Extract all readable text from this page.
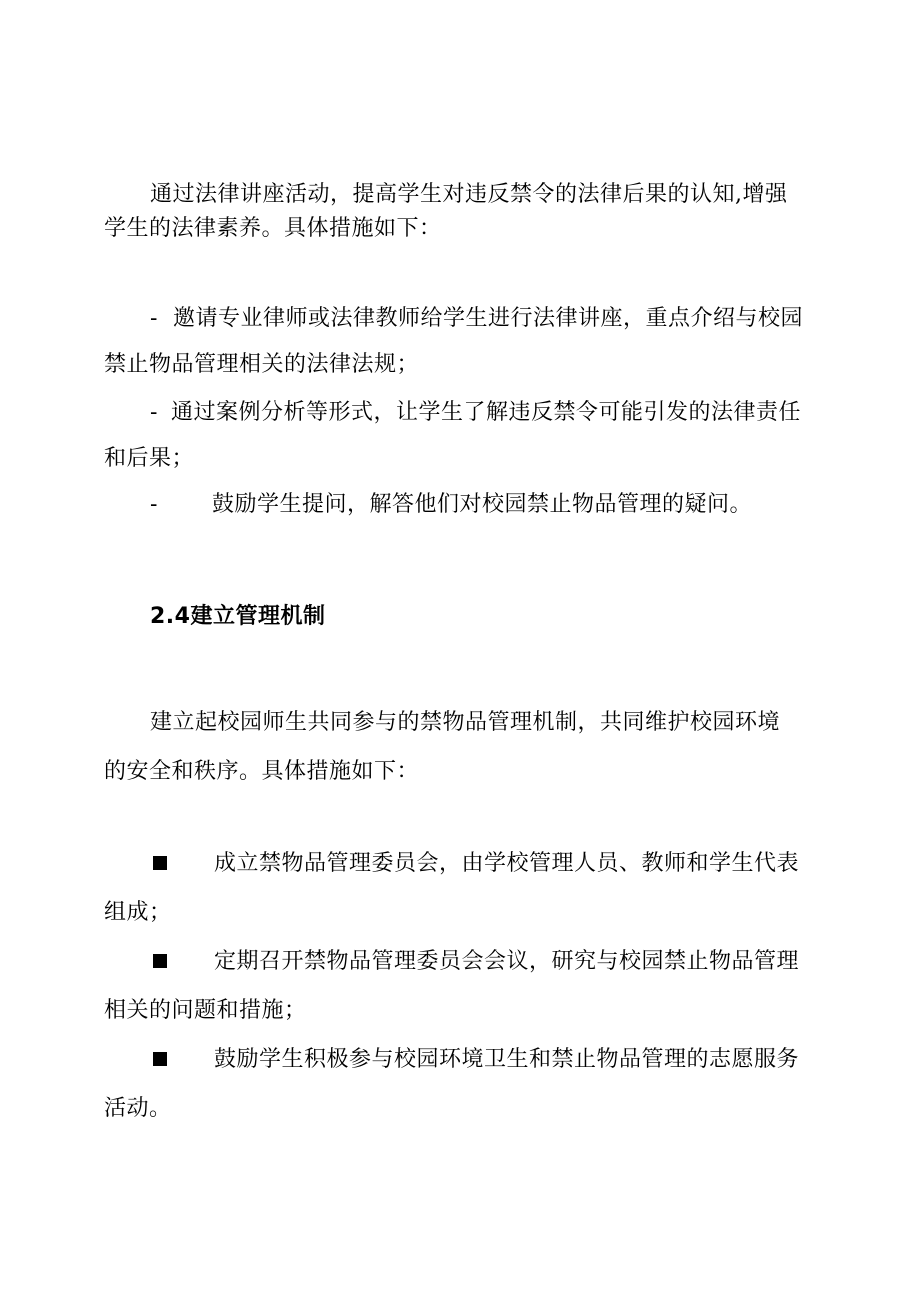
通过法律讲座活动，提高学生对违反禁令的法律后果的认知,增强
学生的法律素养。具体措施如下：
- 邀请专业律师或法律教师给学生进行法律讲座，重点介绍与校园
禁止物品管理相关的法律法规；
- 通过案例分析等形式，让学生了解违反禁令可能引发的法律责任
和后果；
- 鼓励学生提问，解答他们对校园禁止物品管理的疑问。
2.4建立管理机制
建立起校园师生共同参与的禁物品管理机制，共同维护校园环境
的安全和秩序。具体措施如下：
成立禁物品管理委员会，由学校管理人员、教师和学生代表
组成；
定期召开禁物品管理委员会会议，研究与校园禁止物品管理
相关的问题和措施；
鼓励学生积极参与校园环境卫生和禁止物品管理的志愿服务
活动。
